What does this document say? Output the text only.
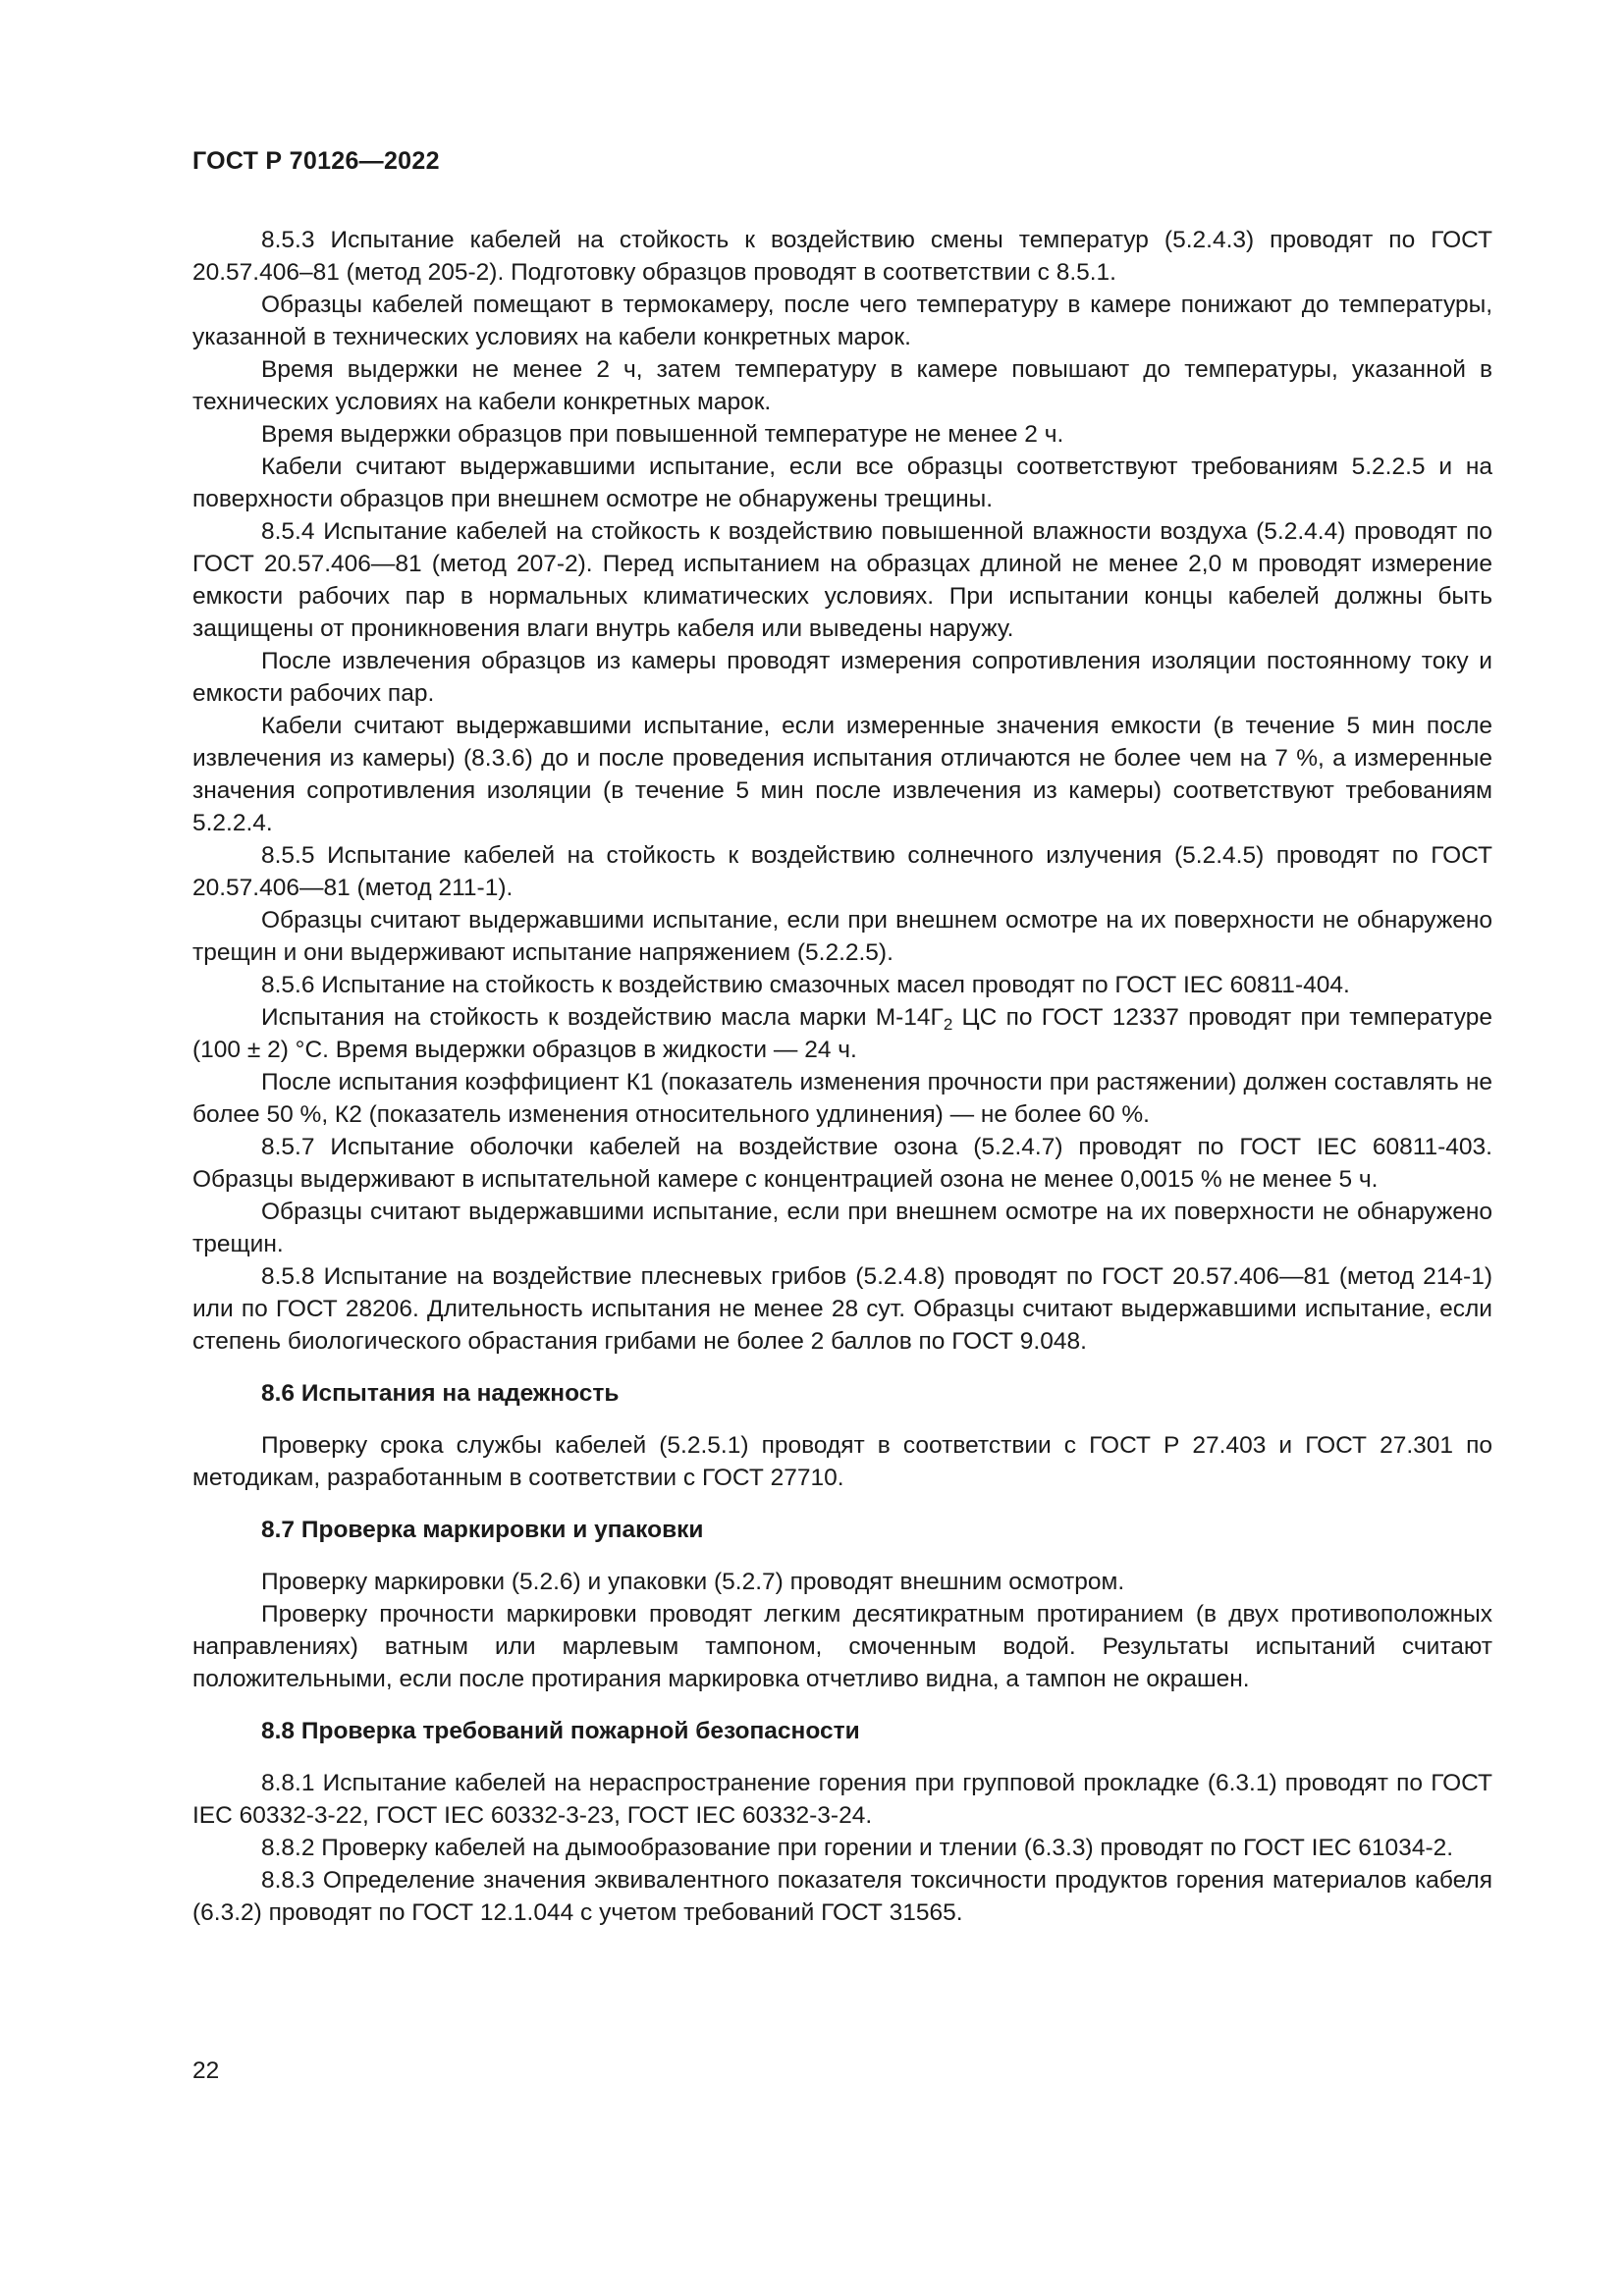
ГОСТ Р 70126—2022

8.5.3 Испытание кабелей на стойкость к воздействию смены температур (5.2.4.3) проводят по ГОСТ 20.57.406–81 (метод 205-2). Подготовку образцов проводят в соответствии с 8.5.1.

Образцы кабелей помещают в термокамеру, после чего температуру в камере понижают до температуры, указанной в технических условиях на кабели конкретных марок.

Время выдержки не менее 2 ч, затем температуру в камере повышают до температуры, указанной в технических условиях на кабели конкретных марок.

Время выдержки образцов при повышенной температуре не менее 2 ч.

Кабели считают выдержавшими испытание, если все образцы соответствуют требованиям 5.2.2.5 и на поверхности образцов при внешнем осмотре не обнаружены трещины.

8.5.4 Испытание кабелей на стойкость к воздействию повышенной влажности воздуха (5.2.4.4) проводят по ГОСТ 20.57.406—81 (метод 207-2). Перед испытанием на образцах длиной не менее 2,0 м проводят измерение емкости рабочих пар в нормальных климатических условиях. При испытании концы кабелей должны быть защищены от проникновения влаги внутрь кабеля или выведены наружу.

После извлечения образцов из камеры проводят измерения сопротивления изоляции постоянному току и емкости рабочих пар.

Кабели считают выдержавшими испытание, если измеренные значения емкости (в течение 5 мин после извлечения из камеры) (8.3.6) до и после проведения испытания отличаются не более чем на 7 %, а измеренные значения сопротивления изоляции (в течение 5 мин после извлечения из камеры) соответствуют требованиям 5.2.2.4.

8.5.5 Испытание кабелей на стойкость к воздействию солнечного излучения (5.2.4.5) проводят по ГОСТ 20.57.406—81 (метод 211-1).

Образцы считают выдержавшими испытание, если при внешнем осмотре на их поверхности не обнаружено трещин и они выдерживают испытание напряжением (5.2.2.5).

8.5.6 Испытание на стойкость к воздействию смазочных масел проводят по ГОСТ IEC 60811-404.

Испытания на стойкость к воздействию масла марки $М-14Г_2$ ЦС по ГОСТ 12337 проводят при температуре (100 ± 2) °С. Время выдержки образцов в жидкости — 24 ч.

После испытания коэффициент К1 (показатель изменения прочности при растяжении) должен составлять не более 50 %, К2 (показатель изменения относительного удлинения) — не более 60 %.

8.5.7 Испытание оболочки кабелей на воздействие озона (5.2.4.7) проводят по ГОСТ IEC 60811-403. Образцы выдерживают в испытательной камере с концентрацией озона не менее 0,0015 % не менее 5 ч.

Образцы считают выдержавшими испытание, если при внешнем осмотре на их поверхности не обнаружено трещин.

8.5.8 Испытание на воздействие плесневых грибов (5.2.4.8) проводят по ГОСТ 20.57.406—81 (метод 214-1) или по ГОСТ 28206. Длительность испытания не менее 28 сут. Образцы считают выдержавшими испытание, если степень биологического обрастания грибами не более 2 баллов по ГОСТ 9.048.

8.6 Испытания на надежность

Проверку срока службы кабелей (5.2.5.1) проводят в соответствии с ГОСТ Р 27.403 и ГОСТ 27.301 по методикам, разработанным в соответствии с ГОСТ 27710.

8.7 Проверка маркировки и упаковки

Проверку маркировки (5.2.6) и упаковки (5.2.7) проводят внешним осмотром.

Проверку прочности маркировки проводят легким десятикратным протиранием (в двух противоположных направлениях) ватным или марлевым тампоном, смоченным водой. Результаты испытаний считают положительными, если после протирания маркировка отчетливо видна, а тампон не окрашен.

8.8 Проверка требований пожарной безопасности

8.8.1 Испытание кабелей на нераспространение горения при групповой прокладке (6.3.1) проводят по ГОСТ IEC 60332-3-22, ГОСТ IEC 60332-3-23, ГОСТ IEC 60332-3-24.

8.8.2 Проверку кабелей на дымообразование при горении и тлении (6.3.3) проводят по ГОСТ IEC 61034-2.

8.8.3 Определение значения эквивалентного показателя токсичности продуктов горения материалов кабеля (6.3.2) проводят по ГОСТ 12.1.044 с учетом требований ГОСТ 31565.

22
